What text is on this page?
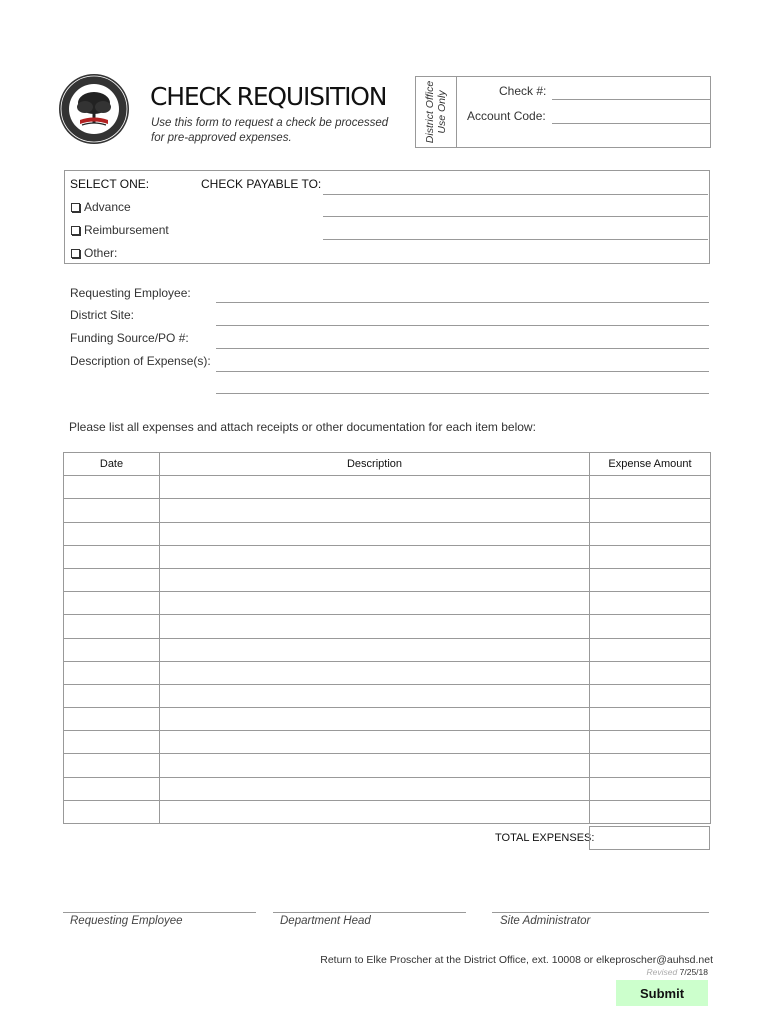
CHECK REQUISITION
Use this form to request a check be processed for pre-approved expenses.	District Office Use Only	Check #:
Account Code:
SELECT ONE:	CHECK PAYABLE TO:
Advance
Reimbursement
Other:
Requesting Employee:
District Site:
Funding Source/PO #:
Description of Expense(s):
Please list all expenses and attach receipts or other documentation for each item below:
Date	Description	Expense Amount

TOTAL EXPENSES:
Requesting Employee	Department Head	Site Administrator
Return to Elke Proscher at the District Office, ext. 10008 or elkeproscher@auhsd.net
Revised 7/25/18
Submit
